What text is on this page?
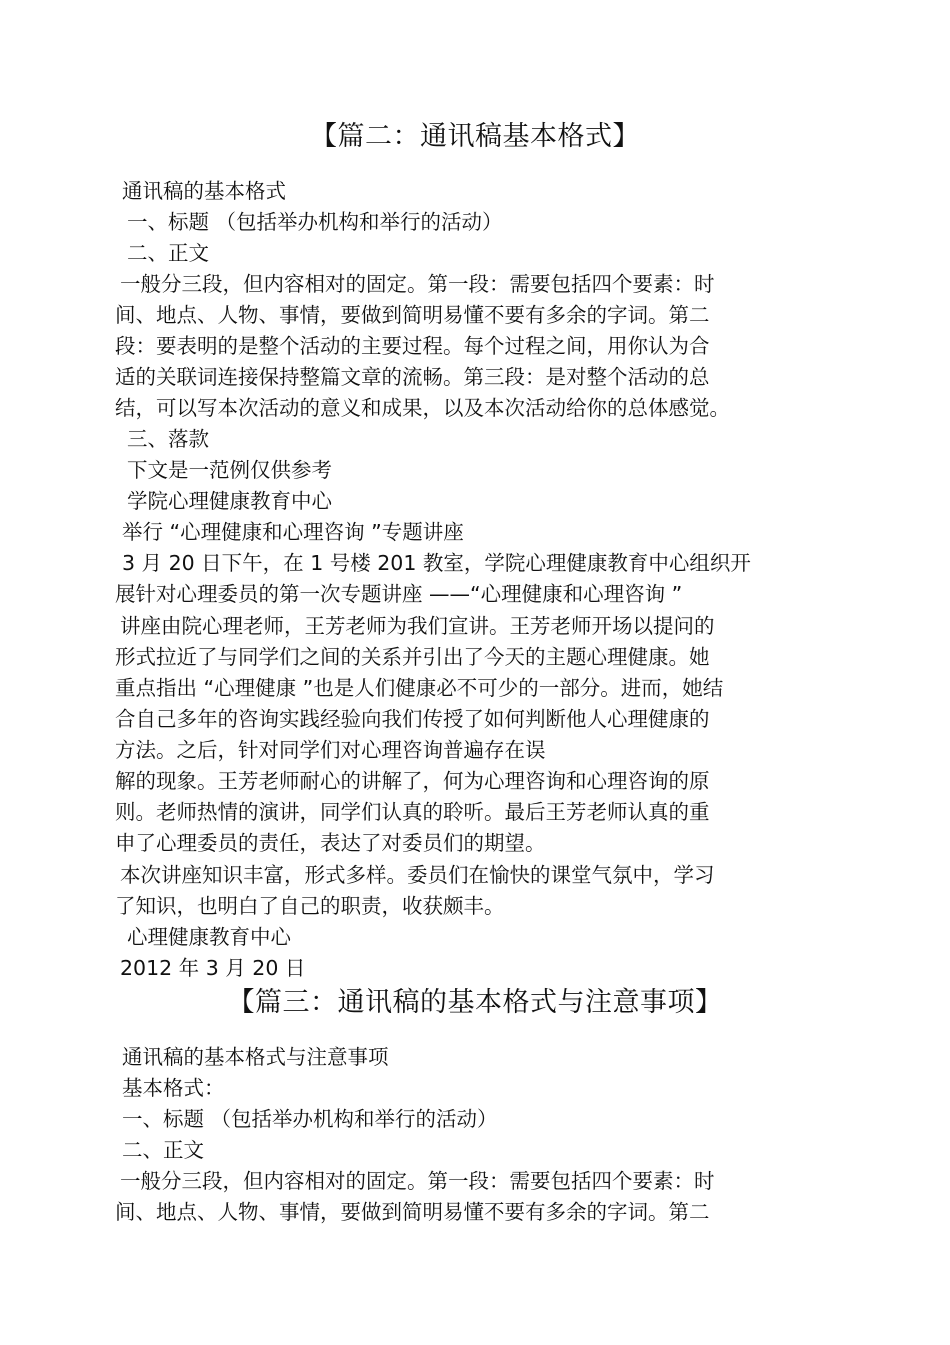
【篇二：通讯稿基本格式】
通讯稿的基本格式
一、标题 （包括举办机构和举行的活动）
二、正文
一般分三段，但内容相对的固定。第一段：需要包括四个要素：时
间、地点、人物、事情，要做到简明易懂不要有多余的字词。第二
段：要表明的是整个活动的主要过程。每个过程之间，用你认为合
适的关联词连接保持整篇文章的流畅。第三段：是对整个活动的总
结，可以写本次活动的意义和成果，以及本次活动给你的总体感觉。
三、落款
下文是一范例仅供参考
学院心理健康教育中心
举行 “心理健康和心理咨询 ”专题讲座
3 月 20 日下午，在 1 号楼 201 教室，学院心理健康教育中心组织开
展针对心理委员的第一次专题讲座 ——“心理健康和心理咨询 ”
讲座由院心理老师，王芳老师为我们宣讲。王芳老师开场以提问的
形式拉近了与同学们之间的关系并引出了今天的主题心理健康。她
重点指出 “心理健康 ”也是人们健康必不可少的一部分。进而，她结
合自己多年的咨询实践经验向我们传授了如何判断他人心理健康的
方法。之后，针对同学们对心理咨询普遍存在误
解的现象。王芳老师耐心的讲解了，何为心理咨询和心理咨询的原
则。老师热情的演讲，同学们认真的聆听。最后王芳老师认真的重
申了心理委员的责任，表达了对委员们的期望。
本次讲座知识丰富，形式多样。委员们在愉快的课堂气氛中，学习
了知识，也明白了自己的职责，收获颇丰。
心理健康教育中心
2012 年 3 月 20 日
【篇三：通讯稿的基本格式与注意事项】
通讯稿的基本格式与注意事项
基本格式：
一、标题 （包括举办机构和举行的活动）
二、正文
一般分三段，但内容相对的固定。第一段：需要包括四个要素：时
间、地点、人物、事情，要做到简明易懂不要有多余的字词。第二
